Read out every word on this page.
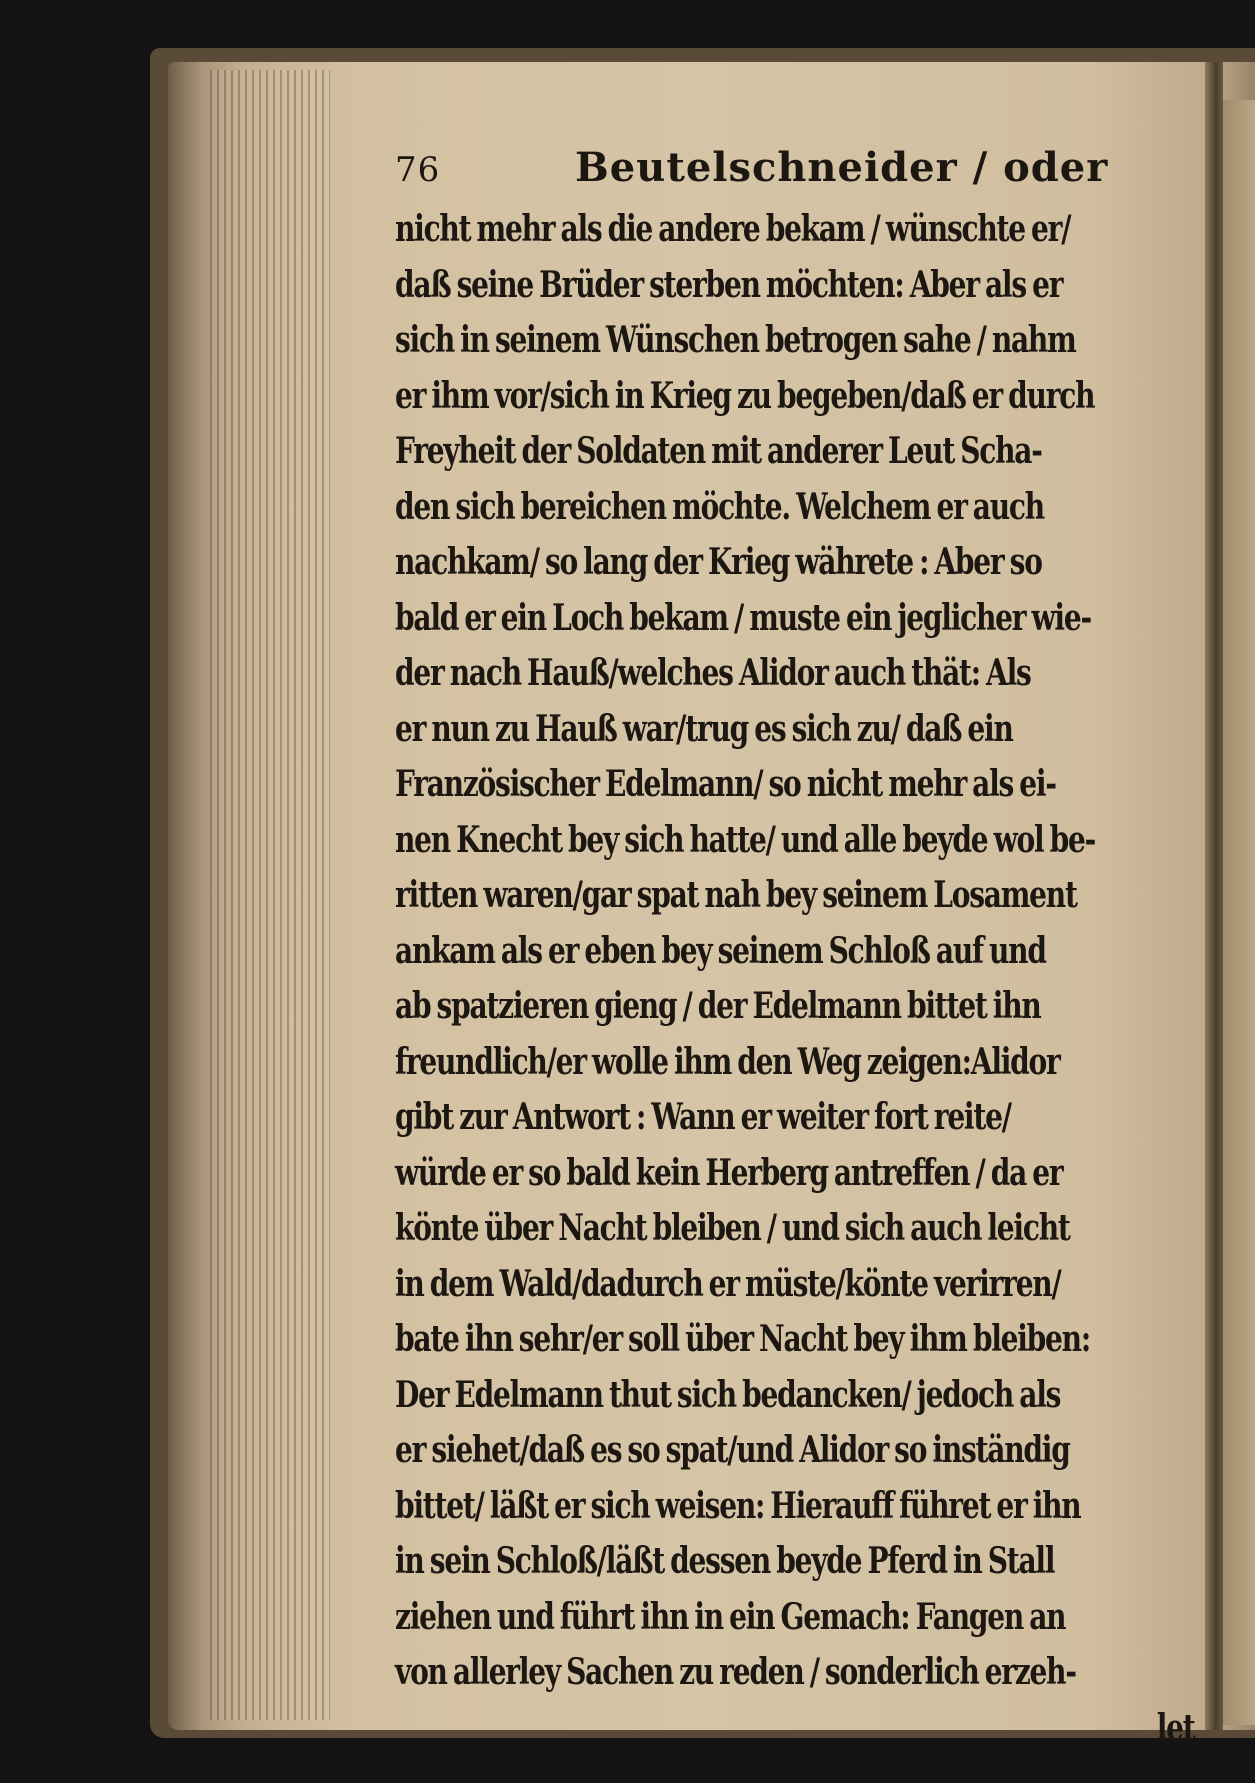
76	Beutelschneider / oder
nicht mehr als die andere bekam / wünschte er/
daß seine Brüder sterben möchten: Aber als er
sich in seinem Wünschen betrogen sahe / nahm
er ihm vor/sich in Krieg zu begeben/daß er durch
Freyheit der Soldaten mit anderer Leut Scha-
den sich bereichen möchte. Welchem er auch
nachkam/ so lang der Krieg währete : Aber so
bald er ein Loch bekam / muste ein jeglicher wie-
der nach Hauß/welches Alidor auch thät: Als
er nun zu Hauß war/trug es sich zu/ daß ein
Französischer Edelmann/ so nicht mehr als ei-
nen Knecht bey sich hatte/ und alle beyde wol be-
ritten waren/gar spat nah bey seinem Losament
ankam als er eben bey seinem Schloß auf und
ab spatzieren gieng / der Edelmann bittet ihn
freundlich/er wolle ihm den Weg zeigen:Alidor
gibt zur Antwort : Wann er weiter fort reite/
würde er so bald kein Herberg antreffen / da er
könte über Nacht bleiben / und sich auch leicht
in dem Wald/dadurch er müste/könte verirren/
bate ihn sehr/er soll über Nacht bey ihm bleiben:
Der Edelmann thut sich bedancken/ jedoch als
er siehet/daß es so spat/und Alidor so inständig
bittet/ läßt er sich weisen: Hierauff führet er ihn
in sein Schloß/läßt dessen beyde Pferd in Stall
ziehen und führt ihn in ein Gemach: Fangen an
von allerley Sachen zu reden / sonderlich erzeh-
let
